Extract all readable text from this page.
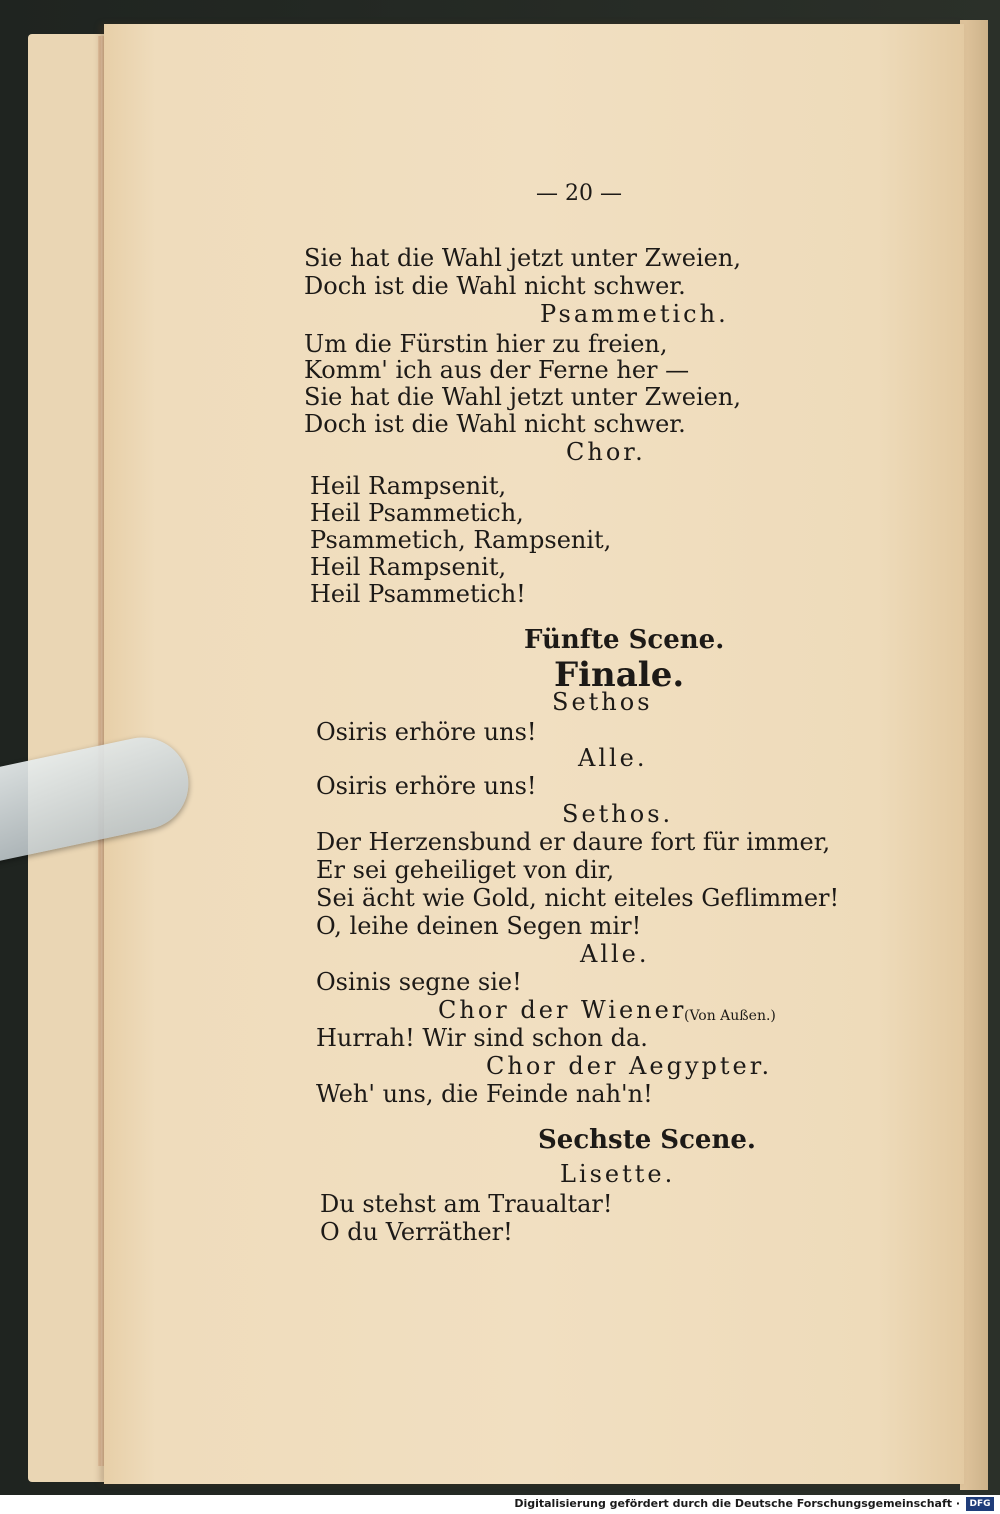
— 20 —
Sie hat die Wahl jetzt unter Zweien,
Doch ist die Wahl nicht schwer.
Psammetich.
Um die Fürstin hier zu freien,
Komm' ich aus der Ferne her —
Sie hat die Wahl jetzt unter Zweien,
Doch ist die Wahl nicht schwer.
Chor.
Heil Rampsenit,
Heil Psammetich,
Psammetich, Rampsenit,
Heil Rampsenit,
Heil Psammetich!
Fünfte Scene.
Finale.
Sethos
Osiris erhöre uns!
Alle.
Osiris erhöre uns!
Sethos.
Der Herzensbund er daure fort für immer,
Er sei geheiliget von dir,
Sei ächt wie Gold, nicht eiteles Geflimmer!
O, leihe deinen Segen mir!
Alle.
Osinis segne sie!
Chor der Wiener
(Von Außen.)
Hurrah! Wir sind schon da.
Chor der Aegypter.
Weh' uns, die Feinde nah'n!
Sechste Scene.
Lisette.
Du stehst am Traualtar!
O du Verräther!
Digitalisierung gefördert durch die Deutsche Forschungsgemeinschaft ·	DFG
